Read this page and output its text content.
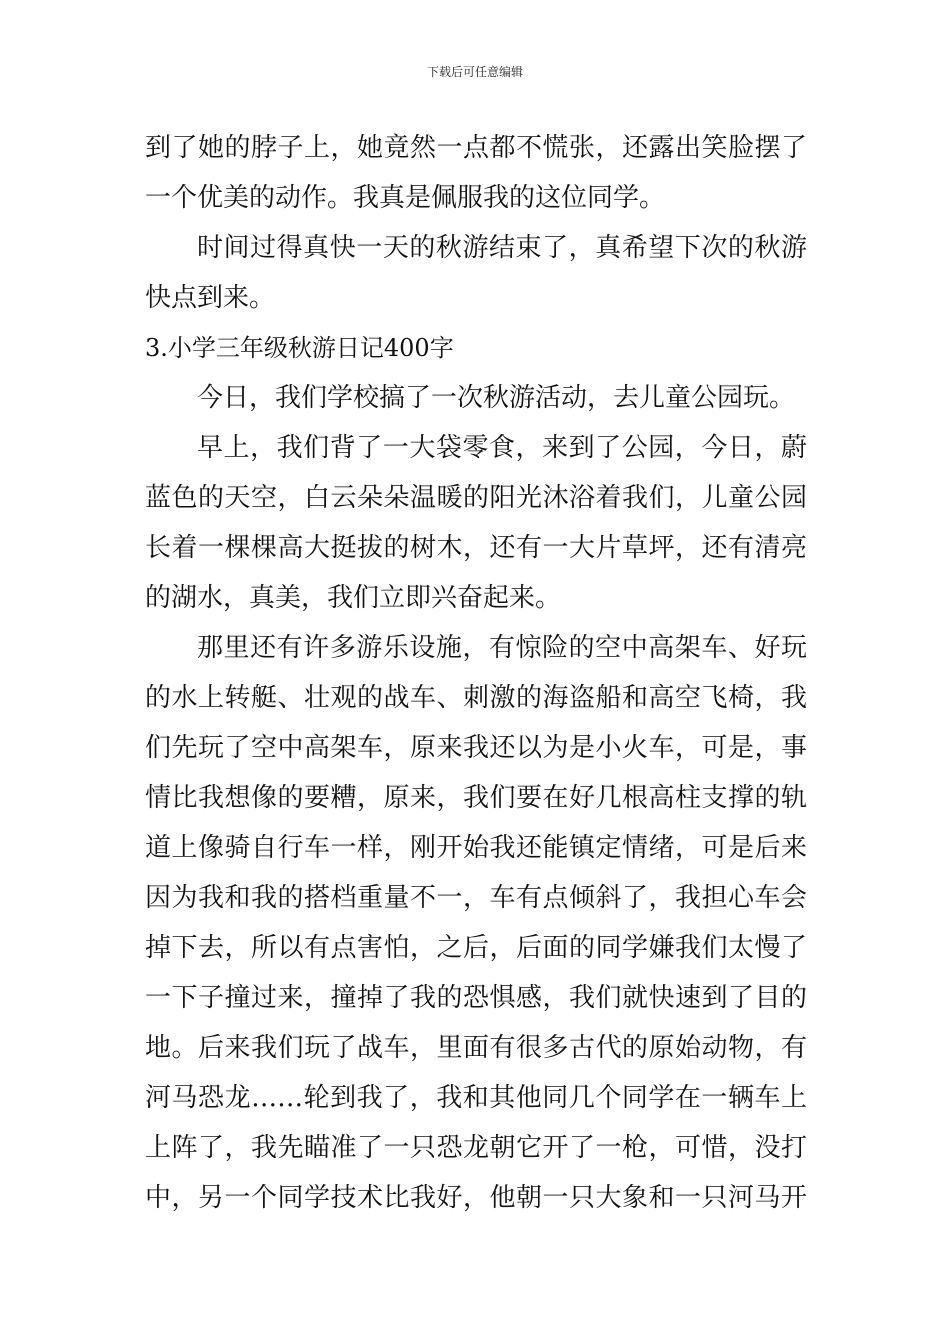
下载后可任意编辑
到了她的脖子上，她竟然一点都不慌张，还露出笑脸摆了
一个优美的动作。我真是佩服我的这位同学。
时间过得真快一天的秋游结束了，真希望下次的秋游
快点到来。
3.小学三年级秋游日记400字
今日，我们学校搞了一次秋游活动，去儿童公园玩。
早上，我们背了一大袋零食，来到了公园，今日，蔚
蓝色的天空，白云朵朵温暖的阳光沐浴着我们，儿童公园
长着一棵棵高大挺拔的树木，还有一大片草坪，还有清亮
的湖水，真美，我们立即兴奋起来。
那里还有许多游乐设施，有惊险的空中高架车、好玩
的水上转艇、壮观的战车、刺激的海盗船和高空飞椅，我
们先玩了空中高架车，原来我还以为是小火车，可是，事
情比我想像的要糟，原来，我们要在好几根高柱支撑的轨
道上像骑自行车一样，刚开始我还能镇定情绪，可是后来
因为我和我的搭档重量不一，车有点倾斜了，我担心车会
掉下去，所以有点害怕，之后，后面的同学嫌我们太慢了
一下子撞过来，撞掉了我的恐惧感，我们就快速到了目的
地。后来我们玩了战车，里面有很多古代的原始动物，有
河马恐龙……轮到我了，我和其他同几个同学在一辆车上
上阵了，我先瞄准了一只恐龙朝它开了一枪，可惜，没打
中，另一个同学技术比我好，他朝一只大象和一只河马开
